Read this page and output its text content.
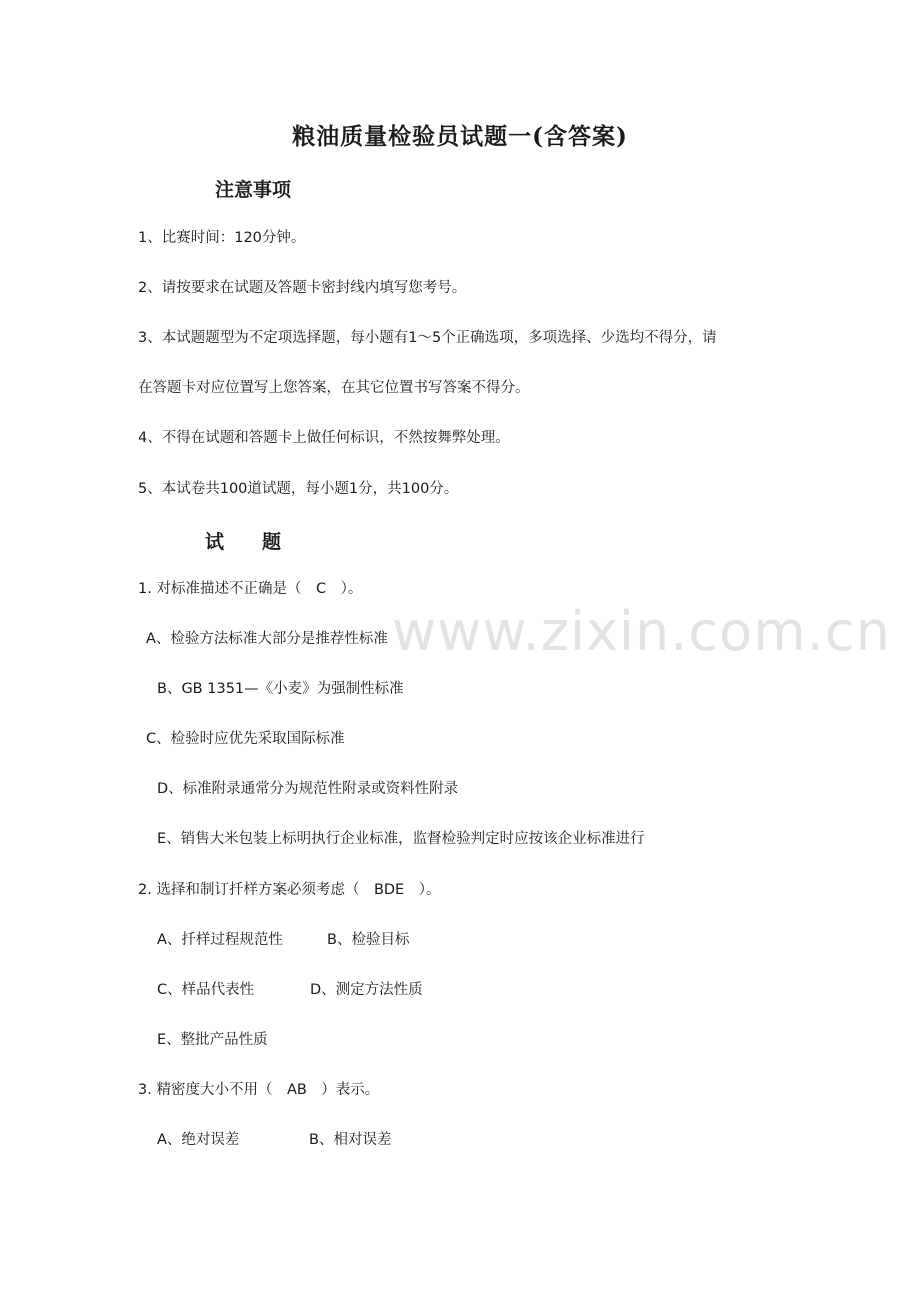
粮油质量检验员试题一(含答案)
注意事项
1、比赛时间：120分钟。
2、请按要求在试题及答题卡密封线内填写您考号。
3、本试题题型为不定项选择题，每小题有1～5个正确选项，多项选择、少选均不得分，请
在答题卡对应位置写上您答案，在其它位置书写答案不得分。
4、不得在试题和答题卡上做任何标识，不然按舞弊处理。
5、本试卷共100道试题，每小题1分，共100分。
试　　题
www.zixin.com.cn
1. 对标准描述不正确是（　C　）。
A、检验方法标准大部分是推荐性标准
B、GB 1351—《小麦》为强制性标准
C、检验时应优先采取国际标准
D、标准附录通常分为规范性附录或资料性附录
E、销售大米包装上标明执行企业标准，监督检验判定时应按该企业标准进行
2. 选择和制订扦样方案必须考虑（　BDE　）。
A、扦样过程规范性	B、检验目标
C、样品代表性	D、测定方法性质
E、整批产品性质
3. 精密度大小不用（　AB　）表示。
A、绝对误差	B、相对误差
